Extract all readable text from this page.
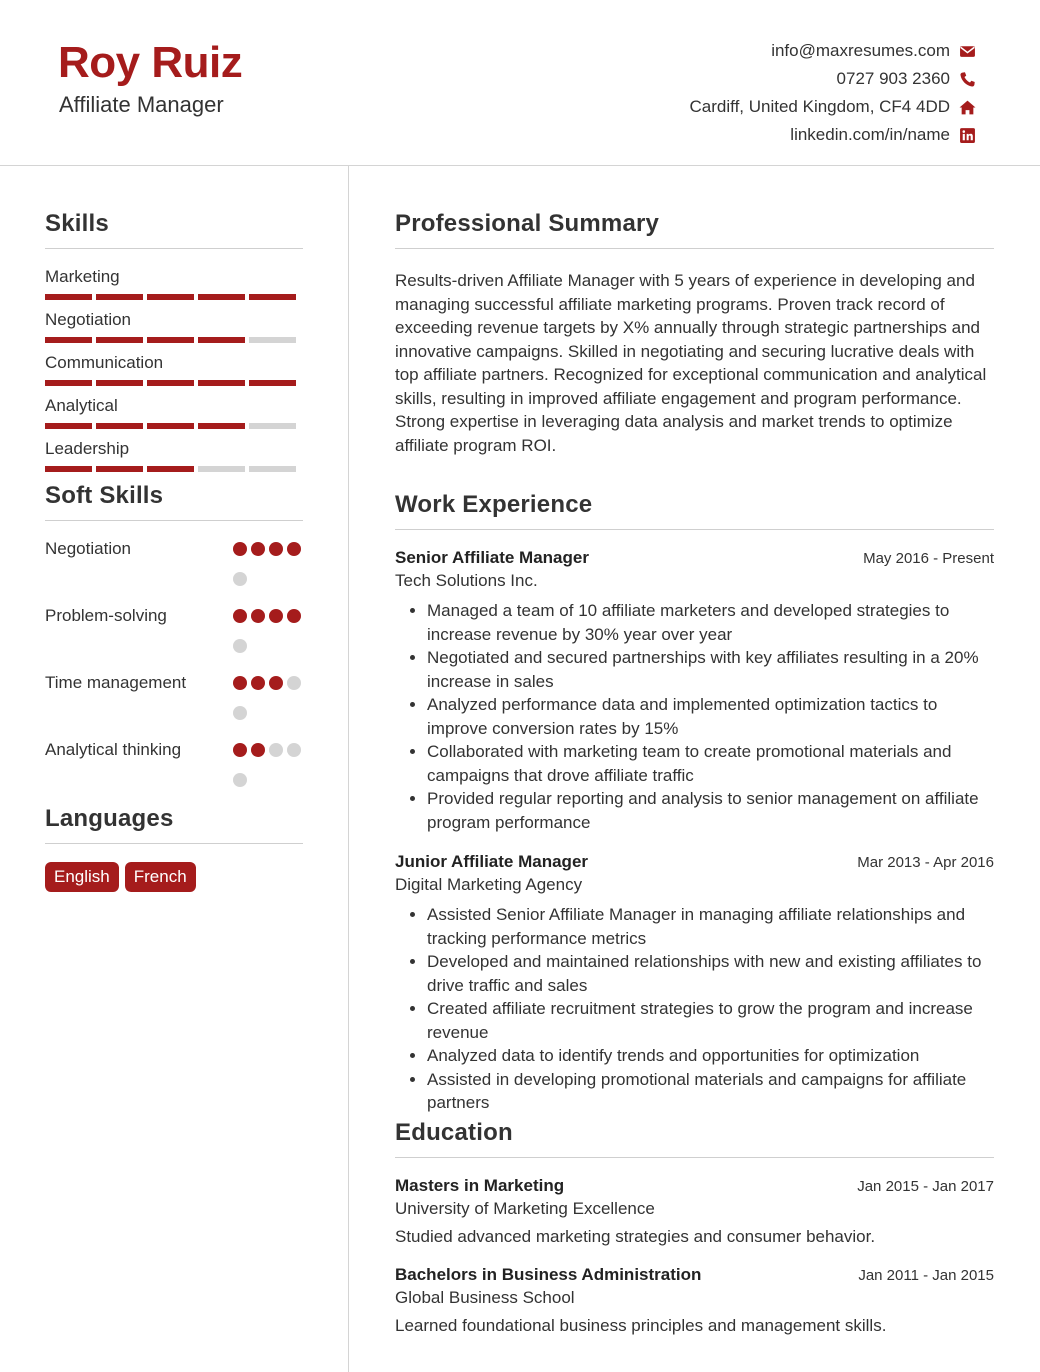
Roy Ruiz
Affiliate Manager
info@maxresumes.com
0727 903 2360
Cardiff, United Kingdom, CF4 4DD
linkedin.com/in/name
Skills
Marketing
Negotiation
Communication
Analytical
Leadership
Soft Skills
Negotiation
Problem-solving
Time management
Analytical thinking
Languages
English	French
Professional Summary
Results-driven Affiliate Manager with 5 years of experience in developing and managing successful affiliate marketing programs. Proven track record of exceeding revenue targets by X% annually through strategic partnerships and innovative campaigns. Skilled in negotiating and securing lucrative deals with top affiliate partners. Recognized for exceptional communication and analytical skills, resulting in improved affiliate engagement and program performance. Strong expertise in leveraging data analysis and market trends to optimize affiliate program ROI.
Work Experience
Senior Affiliate Manager	May 2016 - Present
Tech Solutions Inc.
• Managed a team of 10 affiliate marketers and developed strategies to increase revenue by 30% year over year
• Negotiated and secured partnerships with key affiliates resulting in a 20% increase in sales
• Analyzed performance data and implemented optimization tactics to improve conversion rates by 15%
• Collaborated with marketing team to create promotional materials and campaigns that drove affiliate traffic
• Provided regular reporting and analysis to senior management on affiliate program performance
Junior Affiliate Manager	Mar 2013 - Apr 2016
Digital Marketing Agency
• Assisted Senior Affiliate Manager in managing affiliate relationships and tracking performance metrics
• Developed and maintained relationships with new and existing affiliates to drive traffic and sales
• Created affiliate recruitment strategies to grow the program and increase revenue
• Analyzed data to identify trends and opportunities for optimization
• Assisted in developing promotional materials and campaigns for affiliate partners
Education
Masters in Marketing	Jan 2015 - Jan 2017
University of Marketing Excellence
Studied advanced marketing strategies and consumer behavior.
Bachelors in Business Administration	Jan 2011 - Jan 2015
Global Business School
Learned foundational business principles and management skills.
